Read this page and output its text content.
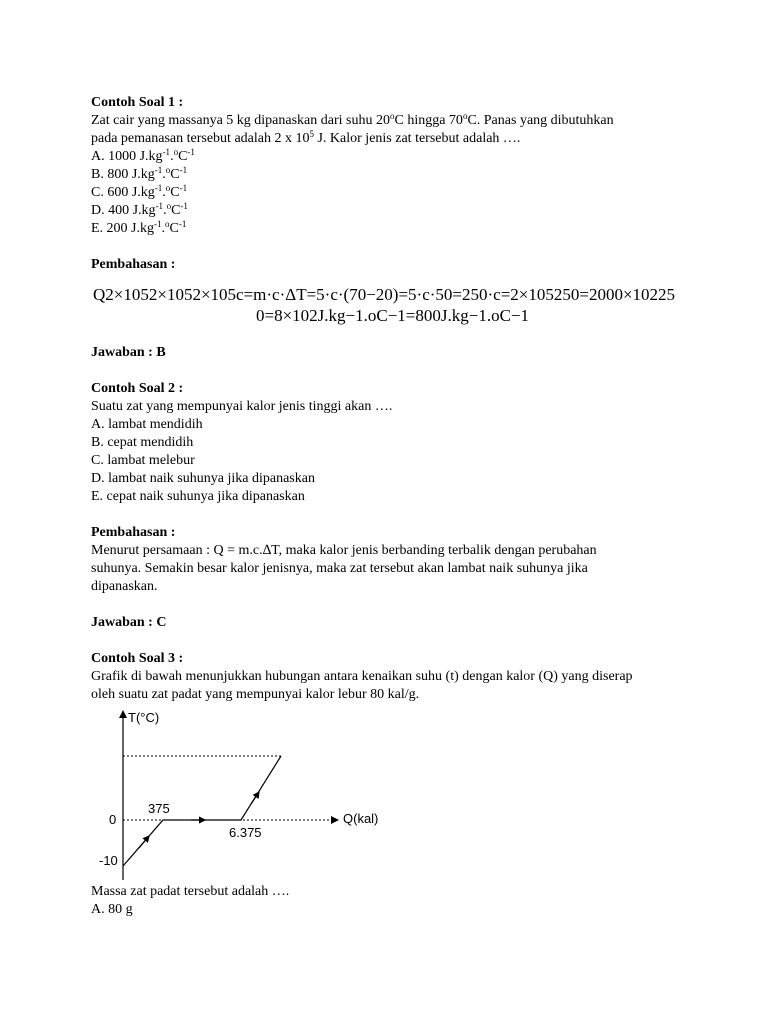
Contoh Soal 1 :
Zat cair yang massanya 5 kg dipanaskan dari suhu 20$^o$C hingga 70$^o$C. Panas yang dibutuhkan
pada pemanasan tersebut adalah 2 x $10^5$ J. Kalor jenis zat tersebut adalah ….
A. 1000 $J.kg^{-1}.^oC^{-1}$
B. 800 $J.kg^{-1}.^oC^{-1}$
C. 600 $J.kg^{-1}.^oC^{-1}$
D. 400 $J.kg^{-1}.^oC^{-1}$
E. 200 $J.kg^{-1}.^oC^{-1}$
Pembahasan :
Q2×1052×1052×105c=m·c·ΔT=5·c·(70−20)=5·c·50=250·c=2×105250=2000×10225
0=8×102J.kg−1.oC−1=800J.kg−1.oC−1
Jawaban : B
Contoh Soal 2 :
Suatu zat yang mempunyai kalor jenis tinggi akan ….
A. lambat mendidih
B. cepat mendidih
C. lambat melebur
D. lambat naik suhunya jika dipanaskan
E. cepat naik suhunya jika dipanaskan
Pembahasan :
Menurut persamaan : Q = m.c.∆T, maka kalor jenis berbanding terbalik dengan perubahan
suhunya. Semakin besar kalor jenisnya, maka zat tersebut akan lambat naik suhunya jika
dipanaskan.
Jawaban : C
Contoh Soal 3 :
Grafik di bawah menunjukkan hubungan antara kenaikan suhu (t) dengan kalor (Q) yang diserap
oleh suatu zat padat yang mempunyai kalor lebur 80 kal/g.
T(°C)
Q(kal)
0
-10
375
6.375
Massa zat padat tersebut adalah ….
A. 80 g
